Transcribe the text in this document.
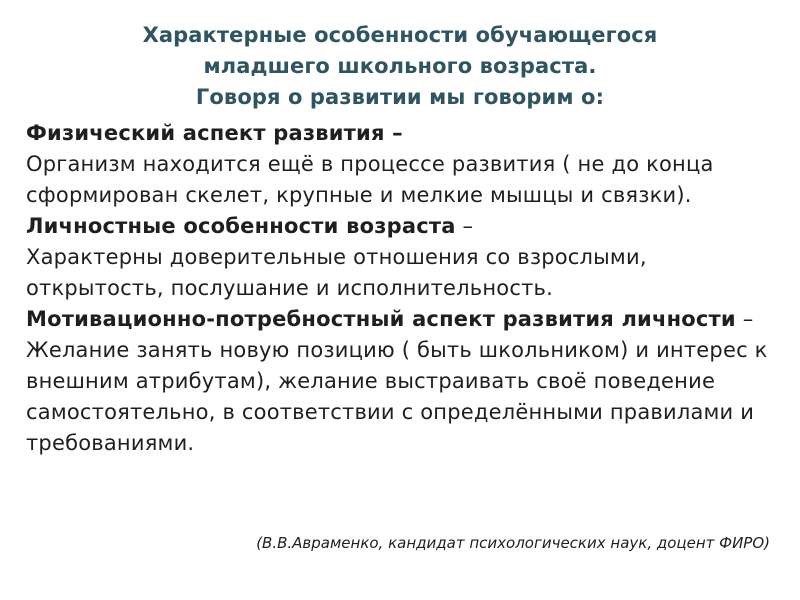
Характерные особенности обучающегося
младшего школьного возраста.
Говоря о развитии мы говорим о:

Физический аспект развития –

Организм находится ещё в процессе развития ( не до конца сформирован скелет, крупные и мелкие мышцы и связки).

Личностные особенности возраста –

Характерны доверительные отношения со взрослыми, открытость, послушание и исполнительность.

Мотивационно-потребностный аспект развития личности –

Желание занять новую позицию ( быть школьником) и интерес к внешним атрибутам), желание выстраивать своё поведение самостоятельно, в соответствии с определёнными правилами и требованиями.

(В.В.Авраменко, кандидат психологических наук, доцент ФИРО)
